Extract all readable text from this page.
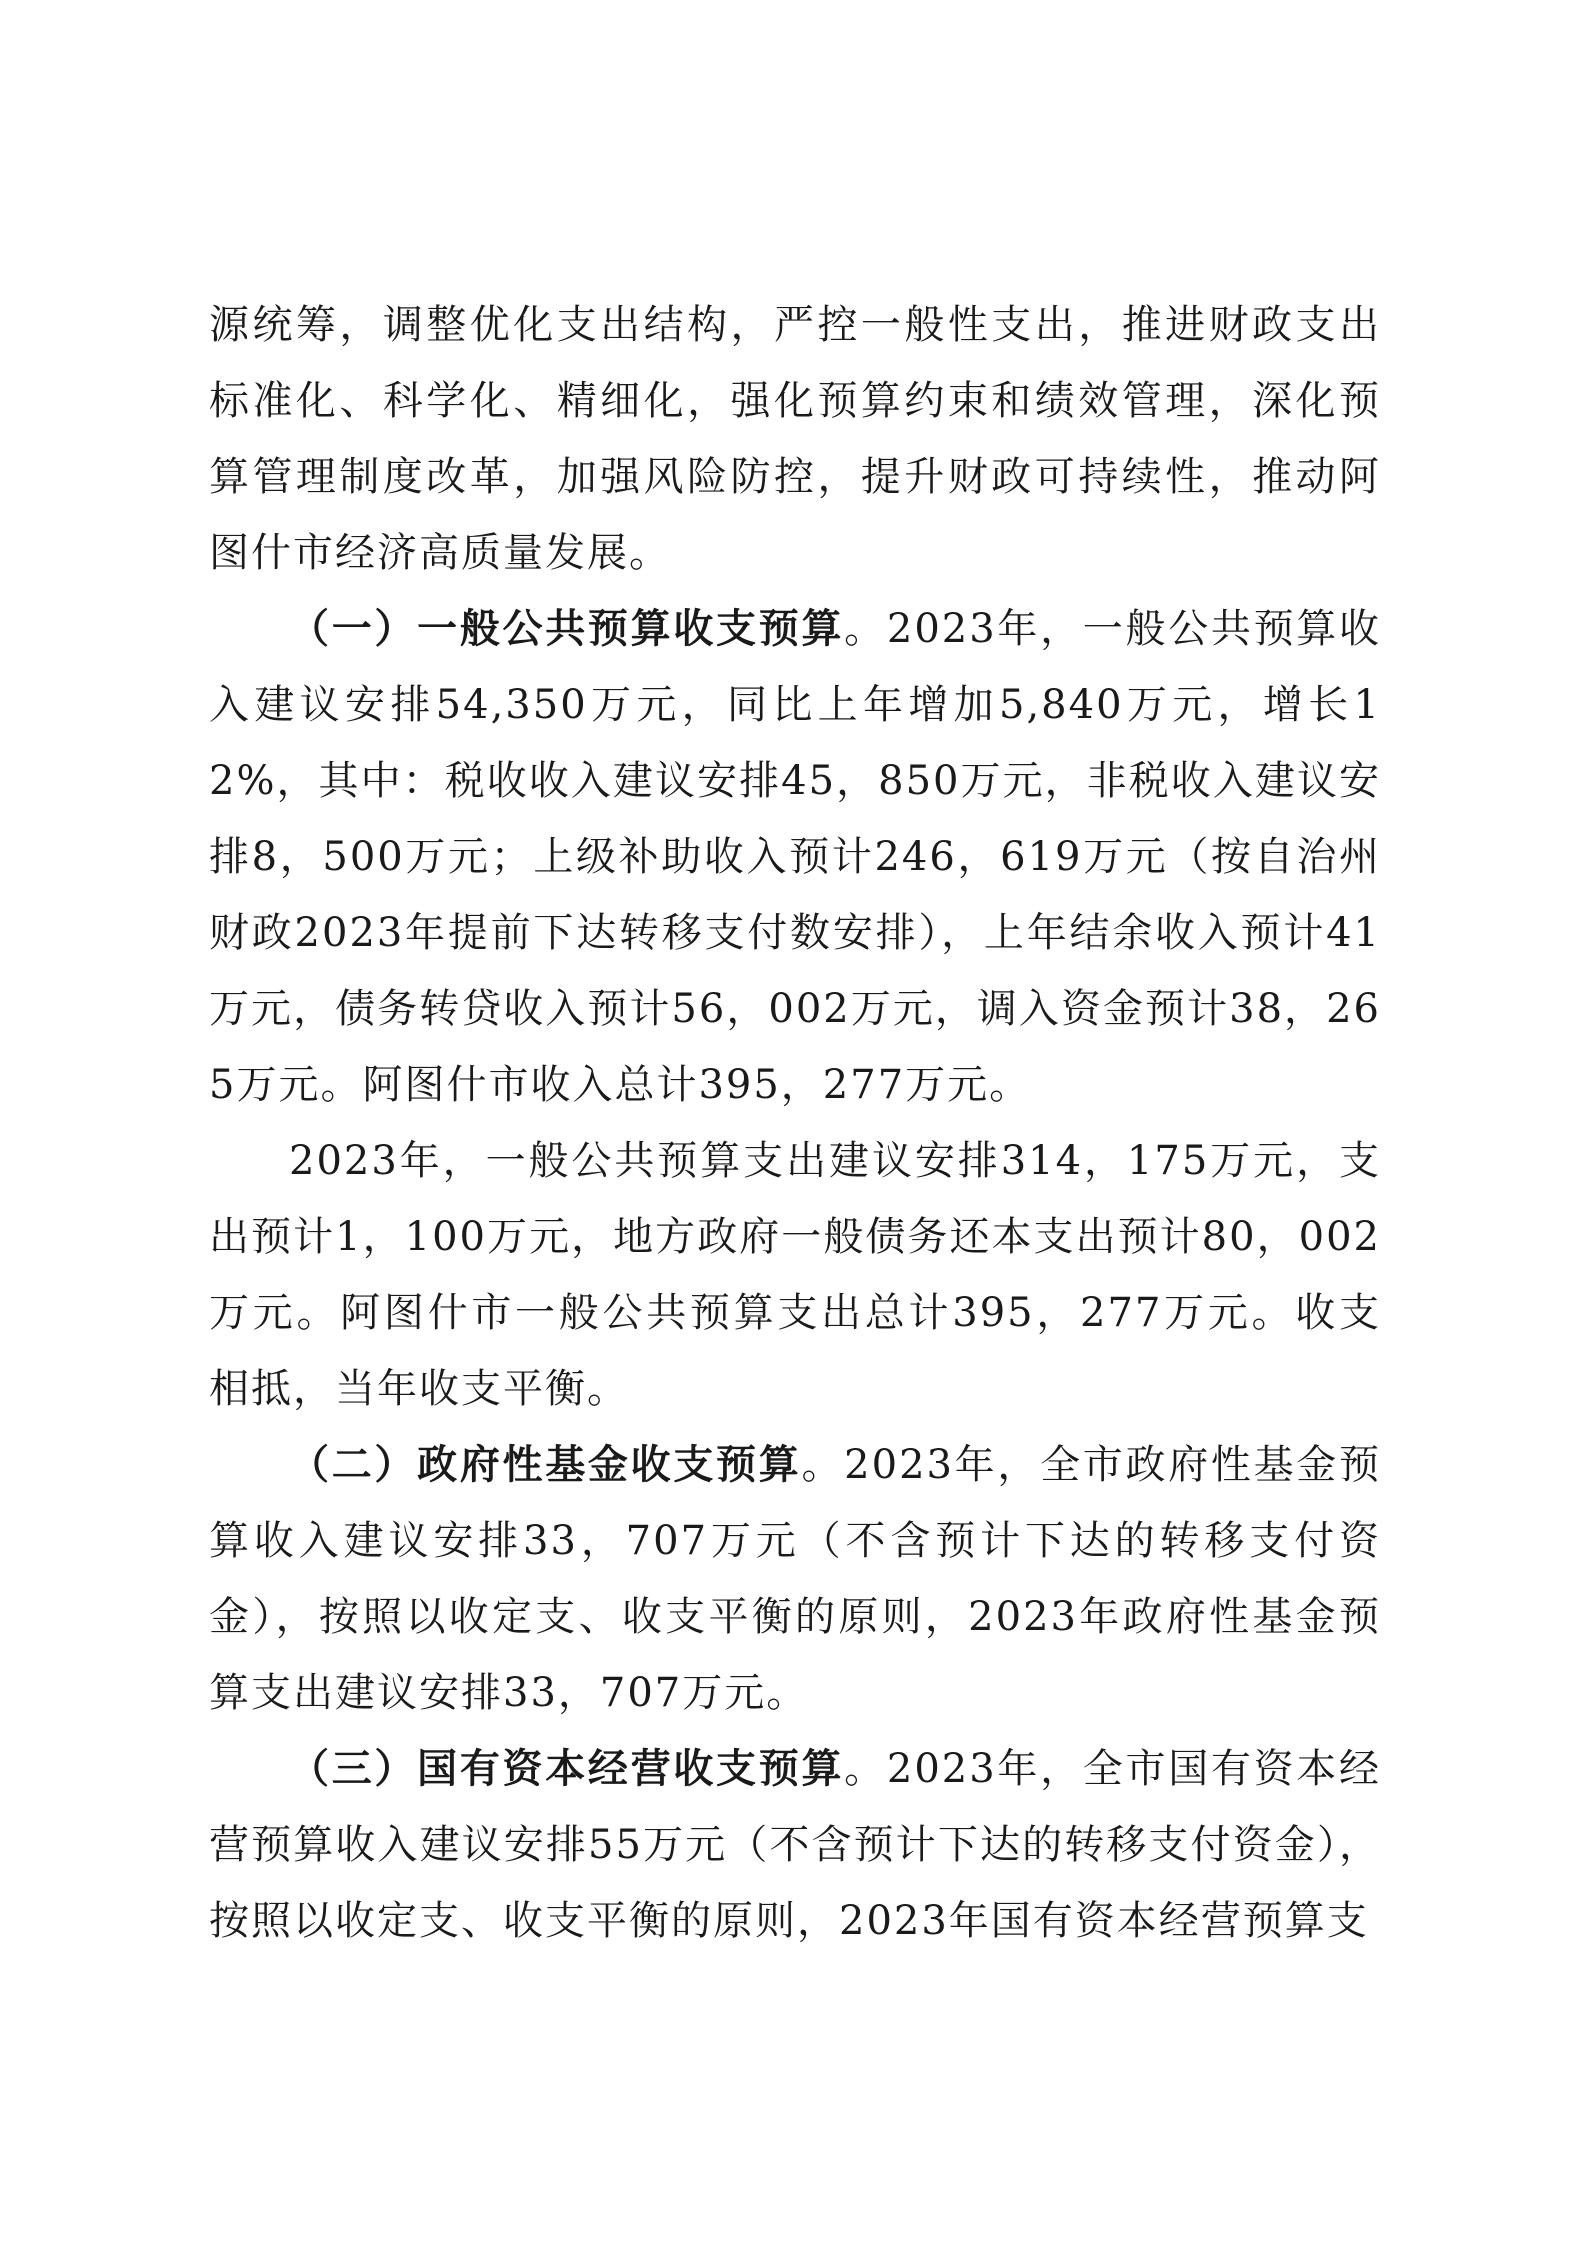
源统筹，调整优化支出结构，严控一般性支出，推进财政支出标准化、科学化、精细化，强化预算约束和绩效管理，深化预算管理制度改革，加强风险防控，提升财政可持续性，推动阿图什市经济高质量发展。

（一）一般公共预算收支预算。2023年，一般公共预算收入建议安排54,350万元，同比上年增加5,840万元，增长12%，其中：税收收入建议安排45，850万元，非税收入建议安排8，500万元；上级补助收入预计246，619万元（按自治州财政2023年提前下达转移支付数安排），上年结余收入预计41万元，债务转贷收入预计56，002万元，调入资金预计38，265万元。阿图什市收入总计395，277万元。

2023年，一般公共预算支出建议安排314，175万元，支出预计1，100万元，地方政府一般债务还本支出预计80，002万元。阿图什市一般公共预算支出总计395，277万元。收支相抵，当年收支平衡。

（二）政府性基金收支预算。2023年，全市政府性基金预算收入建议安排33，707万元（不含预计下达的转移支付资金），按照以收定支、收支平衡的原则，2023年政府性基金预算支出建议安排33，707万元。

（三）国有资本经营收支预算。2023年，全市国有资本经营预算收入建议安排55万元（不含预计下达的转移支付资金），按照以收定支、收支平衡的原则，2023年国有资本经营预算支
